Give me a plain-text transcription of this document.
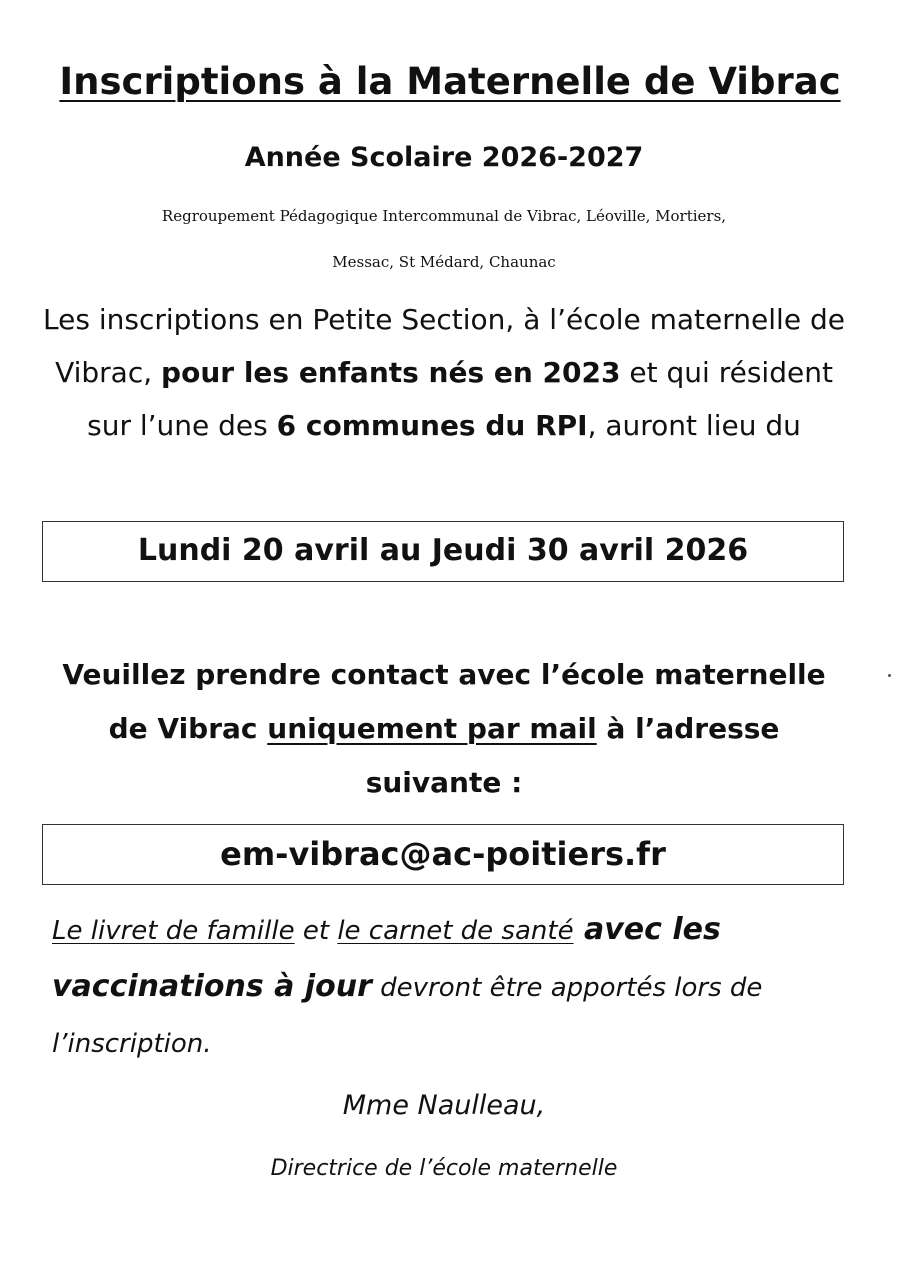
Inscriptions à la Maternelle de Vibrac
Année Scolaire 2026-2027
Regroupement Pédagogique Intercommunal de Vibrac, Léoville, Mortiers,
Messac, St Médard, Chaunac
Les inscriptions en Petite Section, à l’école maternelle de Vibrac, pour les enfants nés en 2023 et qui résident sur l’une des 6 communes du RPI, auront lieu du
Lundi 20 avril au Jeudi 30 avril 2026
Veuillez prendre contact avec l’école maternelle de Vibrac uniquement par mail à l’adresse suivante :
em-vibrac@ac-poitiers.fr
Le livret de famille et le carnet de santé avec les vaccinations à jour devront être apportés lors de l’inscription.
Mme Naulleau,
Directrice de l’école maternelle
